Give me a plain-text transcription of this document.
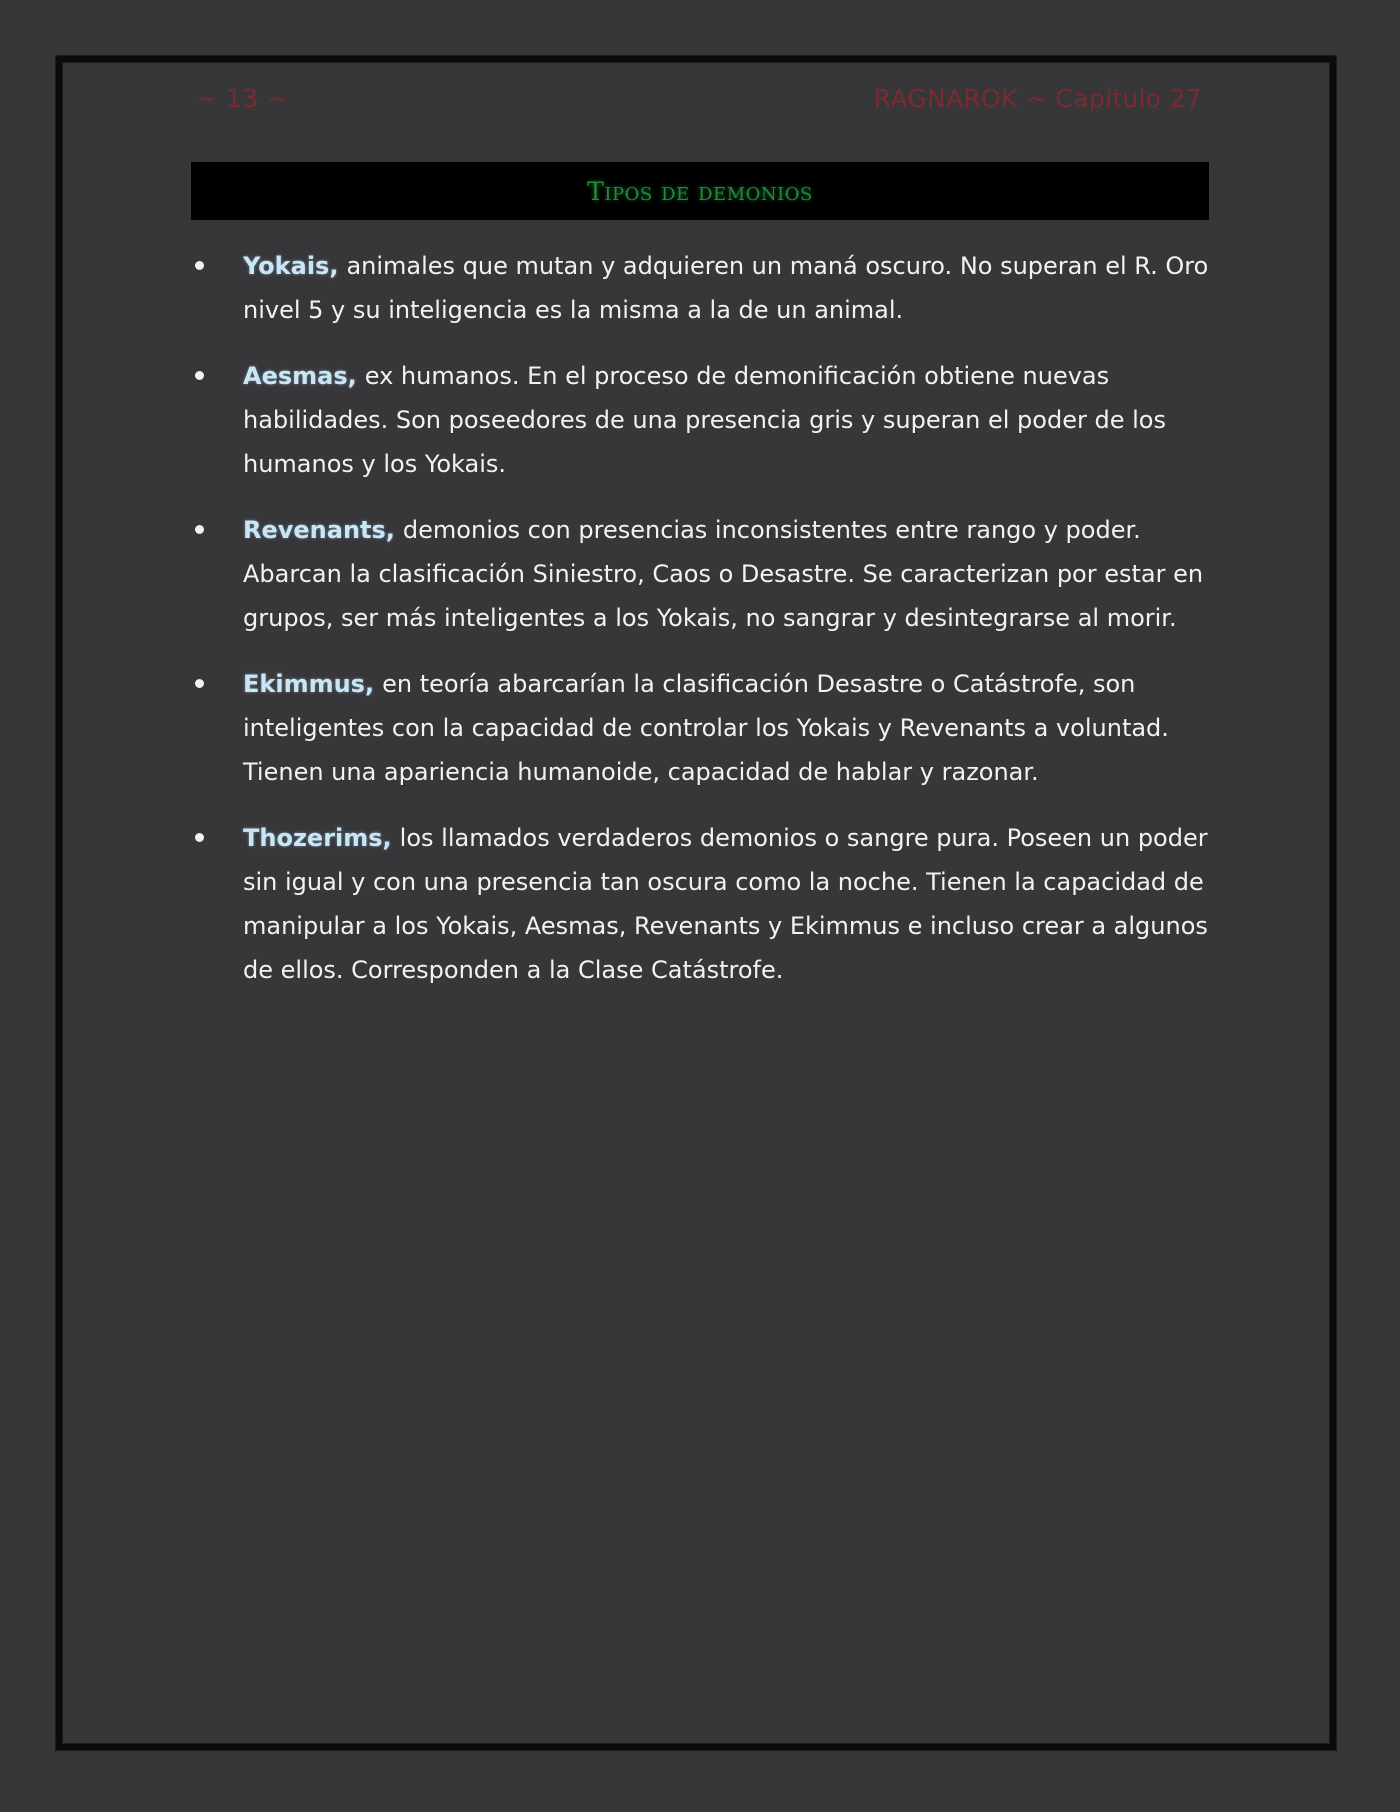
~ 13 ~	RAGNAROK ~ Capítulo 27
Tipos de demonios
Yokais, animales que mutan y adquieren un maná oscuro. No superan el R. Oro nivel 5 y su inteligencia es la misma a la de un animal.
Aesmas, ex humanos. En el proceso de demonificación obtiene nuevas habilidades. Son poseedores de una presencia gris y superan el poder de los humanos y los Yokais.
Revenants, demonios con presencias inconsistentes entre rango y poder. Abarcan la clasificación Siniestro, Caos o Desastre. Se caracterizan por estar en grupos, ser más inteligentes a los Yokais, no sangrar y desintegrarse al morir.
Ekimmus, en teoría abarcarían la clasificación Desastre o Catástrofe, son inteligentes con la capacidad de controlar los Yokais y Revenants a voluntad. Tienen una apariencia humanoide, capacidad de hablar y razonar.
Thozerims, los llamados verdaderos demonios o sangre pura. Poseen un poder sin igual y con una presencia tan oscura como la noche. Tienen la capacidad de manipular a los Yokais, Aesmas, Revenants y Ekimmus e incluso crear a algunos de ellos. Corresponden a la Clase Catástrofe.
